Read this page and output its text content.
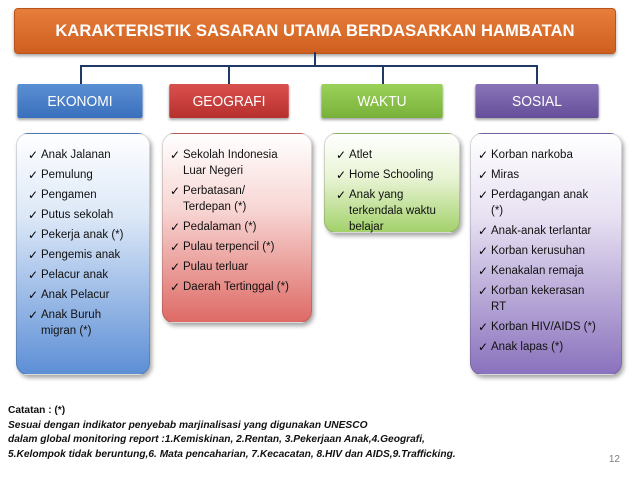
KARAKTERISTIK SASARAN UTAMA BERDASARKAN HAMBATAN
EKONOMI	GEOGRAFI	WAKTU	SOSIAL
✓ Anak Jalanan
✓ Pemulung
✓ Pengamen
✓ Putus sekolah
✓ Pekerja anak (*)
✓ Pengemis anak
✓ Pelacur anak
✓ Anak Pelacur
✓ Anak Buruh
migran (*)
✓ Sekolah Indonesia
Luar Negeri
✓ Perbatasan/
Terdepan (*)
✓ Pedalaman (*)
✓ Pulau terpencil (*)
✓ Pulau terluar
✓ Daerah Tertinggal (*)
✓ Atlet
✓ Home Schooling
✓ Anak yang
terkendala waktu
belajar
✓ Korban narkoba
✓ Miras
✓ Perdagangan anak
(*)
✓ Anak-anak terlantar
✓ Korban kerusuhan
✓ Kenakalan remaja
✓ Korban kekerasan
RT
✓ Korban HIV/AIDS (*)
✓ Anak lapas (*)
Catatan : (*)
Sesuai dengan indikator penyebab marjinalisasi yang digunakan UNESCO
dalam global monitoring report :1.Kemiskinan, 2.Rentan, 3.Pekerjaan Anak,4.Geografi,
5.Kelompok tidak beruntung,6. Mata pencaharian, 7.Kecacatan, 8.HIV dan AIDS,9.Trafficking.	12
